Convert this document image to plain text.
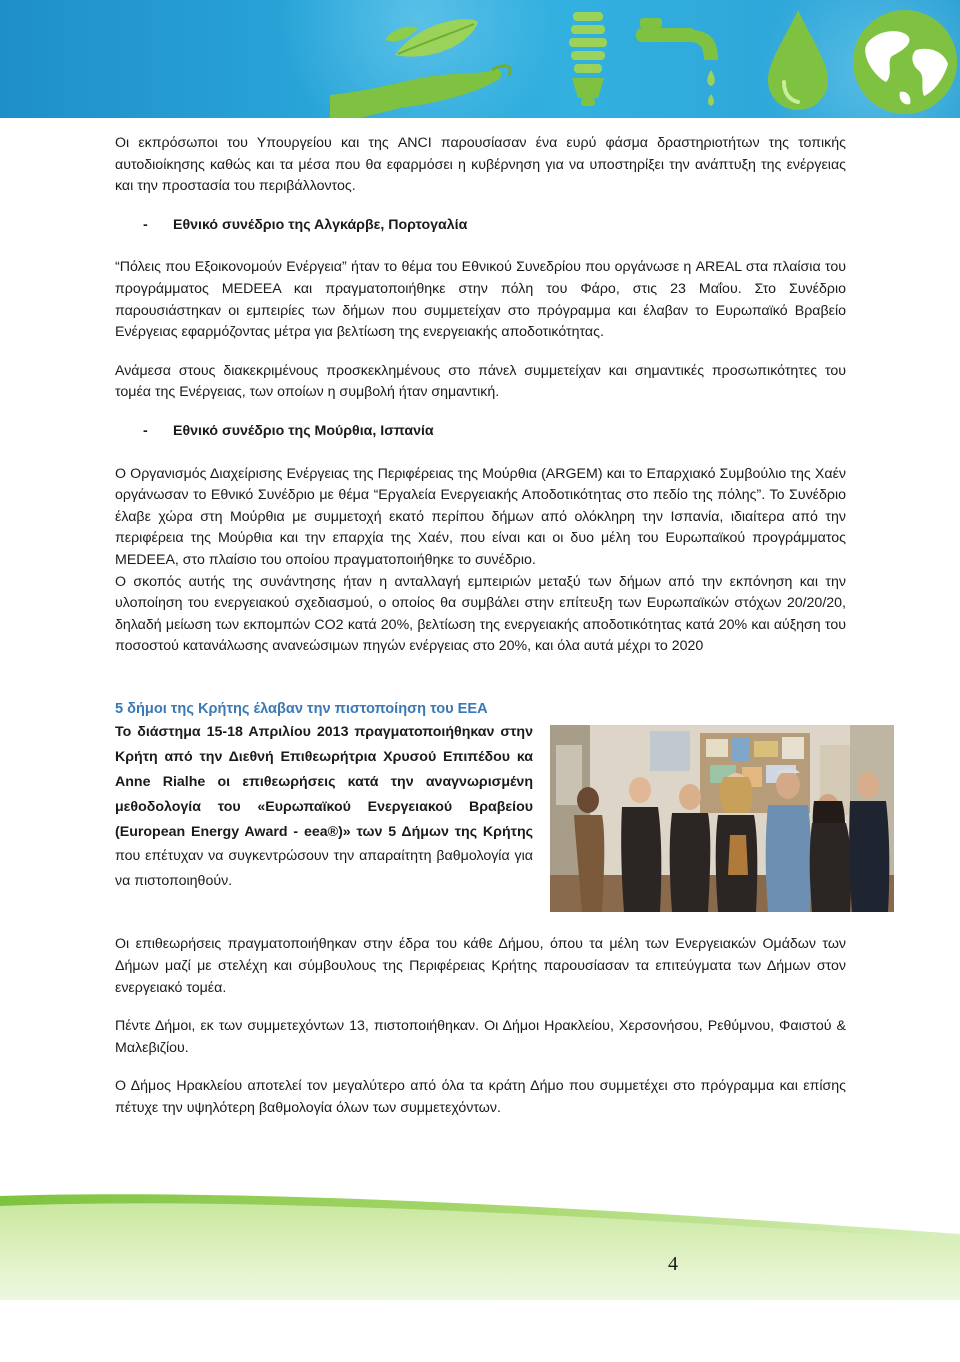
Οι εκπρόσωποι του Υπουργείου και της ANCI παρουσίασαν ένα ευρύ φάσμα δραστηριοτήτων της τοπικής αυτοδιοίκησης καθώς και τα μέσα που θα εφαρμόσει η κυβέρνηση για να υποστηρίξει την ανάπτυξη της ενέργειας και την προστασία του περιβάλλοντος.

-	Εθνικό συνέδριο της Αλγκάρβε, Πορτογαλία

“Πόλεις που Εξοικονομούν Ενέργεια” ήταν το θέμα του Εθνικού Συνεδρίου που οργάνωσε η AREAL στα πλαίσια του προγράμματος MEDEEA και πραγματοποιήθηκε στην πόλη του Φάρο, στις 23 Μαΐου. Στο Συνέδριο παρουσιάστηκαν οι εμπειρίες των δήμων που συμμετείχαν στο πρόγραμμα και έλαβαν το Ευρωπαϊκό Βραβείο Ενέργειας εφαρμόζοντας μέτρα για βελτίωση της ενεργειακής αποδοτικότητας.

Ανάμεσα στους διακεκριμένους προσκεκλημένους στο πάνελ συμμετείχαν και σημαντικές προσωπικότητες του τομέα της Ενέργειας, των οποίων η συμβολή ήταν σημαντική.

-	Εθνικό συνέδριο της Μούρθια, Ισπανία

Ο Οργανισμός Διαχείρισης Ενέργειας της Περιφέρειας της Μούρθια (ARGEM) και το Επαρχιακό Συμβούλιο της Χαέν οργάνωσαν το Εθνικό Συνέδριο με θέμα “Εργαλεία Ενεργειακής Αποδοτικότητας στο πεδίο της πόλης”. Το Συνέδριο έλαβε χώρα στη Μούρθια με συμμετοχή εκατό περίπου δήμων από ολόκληρη την Ισπανία, ιδιαίτερα από την περιφέρεια της Μούρθια και την επαρχία της Χαέν, που είναι και οι δυο μέλη του Ευρωπαϊκού προγράμματος MEDEEA, στο πλαίσιο του οποίου πραγματοποιήθηκε το συνέδριο.

Ο σκοπός αυτής της συνάντησης ήταν η ανταλλαγή εμπειριών μεταξύ των δήμων από την εκπόνηση και την υλοποίηση του ενεργειακού σχεδιασμού, ο οποίος θα συμβάλει στην επίτευξη των Ευρωπαϊκών στόχων 20/20/20, δηλαδή μείωση των εκπομπών CO2 κατά 20%, βελτίωση της ενεργειακής αποδοτικότητας κατά 20% και αύξηση του ποσοστού κατανάλωσης ανανεώσιμων πηγών ενέργειας στο 20%, και όλα αυτά μέχρι το 2020

5 δήμοι της Κρήτης έλαβαν την πιστοποίηση του EEA

Το διάστημα 15-18 Απριλίου 2013 πραγματοποιήθηκαν στην Κρήτη από την Διεθνή Επιθεωρήτρια Χρυσού Επιπέδου κα Anne Rialhe οι επιθεωρήσεις κατά την αναγνωρισμένη μεθοδολογία του «Ευρωπαϊκού Ενεργειακού Βραβείου (European Energy Award - eea®)» των 5 Δήμων της Κρήτης που επέτυχαν να συγκεντρώσουν την απαραίτητη βαθμολογία για να πιστοποιηθούν.

Οι επιθεωρήσεις πραγματοποιήθηκαν στην έδρα του κάθε Δήμου, όπου τα μέλη των Ενεργειακών Ομάδων των Δήμων μαζί με στελέχη και σύμβουλους της Περιφέρειας Κρήτης παρουσίασαν τα επιτεύγματα των Δήμων στον ενεργειακό τομέα.

Πέντε Δήμοι, εκ των συμμετεχόντων 13, πιστοποιήθηκαν. Οι Δήμοι Ηρακλείου, Χερσονήσου, Ρεθύμνου, Φαιστού & Μαλεβιζίου.

Ο Δήμος Ηρακλείου αποτελεί τον μεγαλύτερο από όλα τα κράτη Δήμο που συμμετέχει στο πρόγραμμα και επίσης πέτυχε την υψηλότερη βαθμολογία όλων των συμμετεχόντων.

4
